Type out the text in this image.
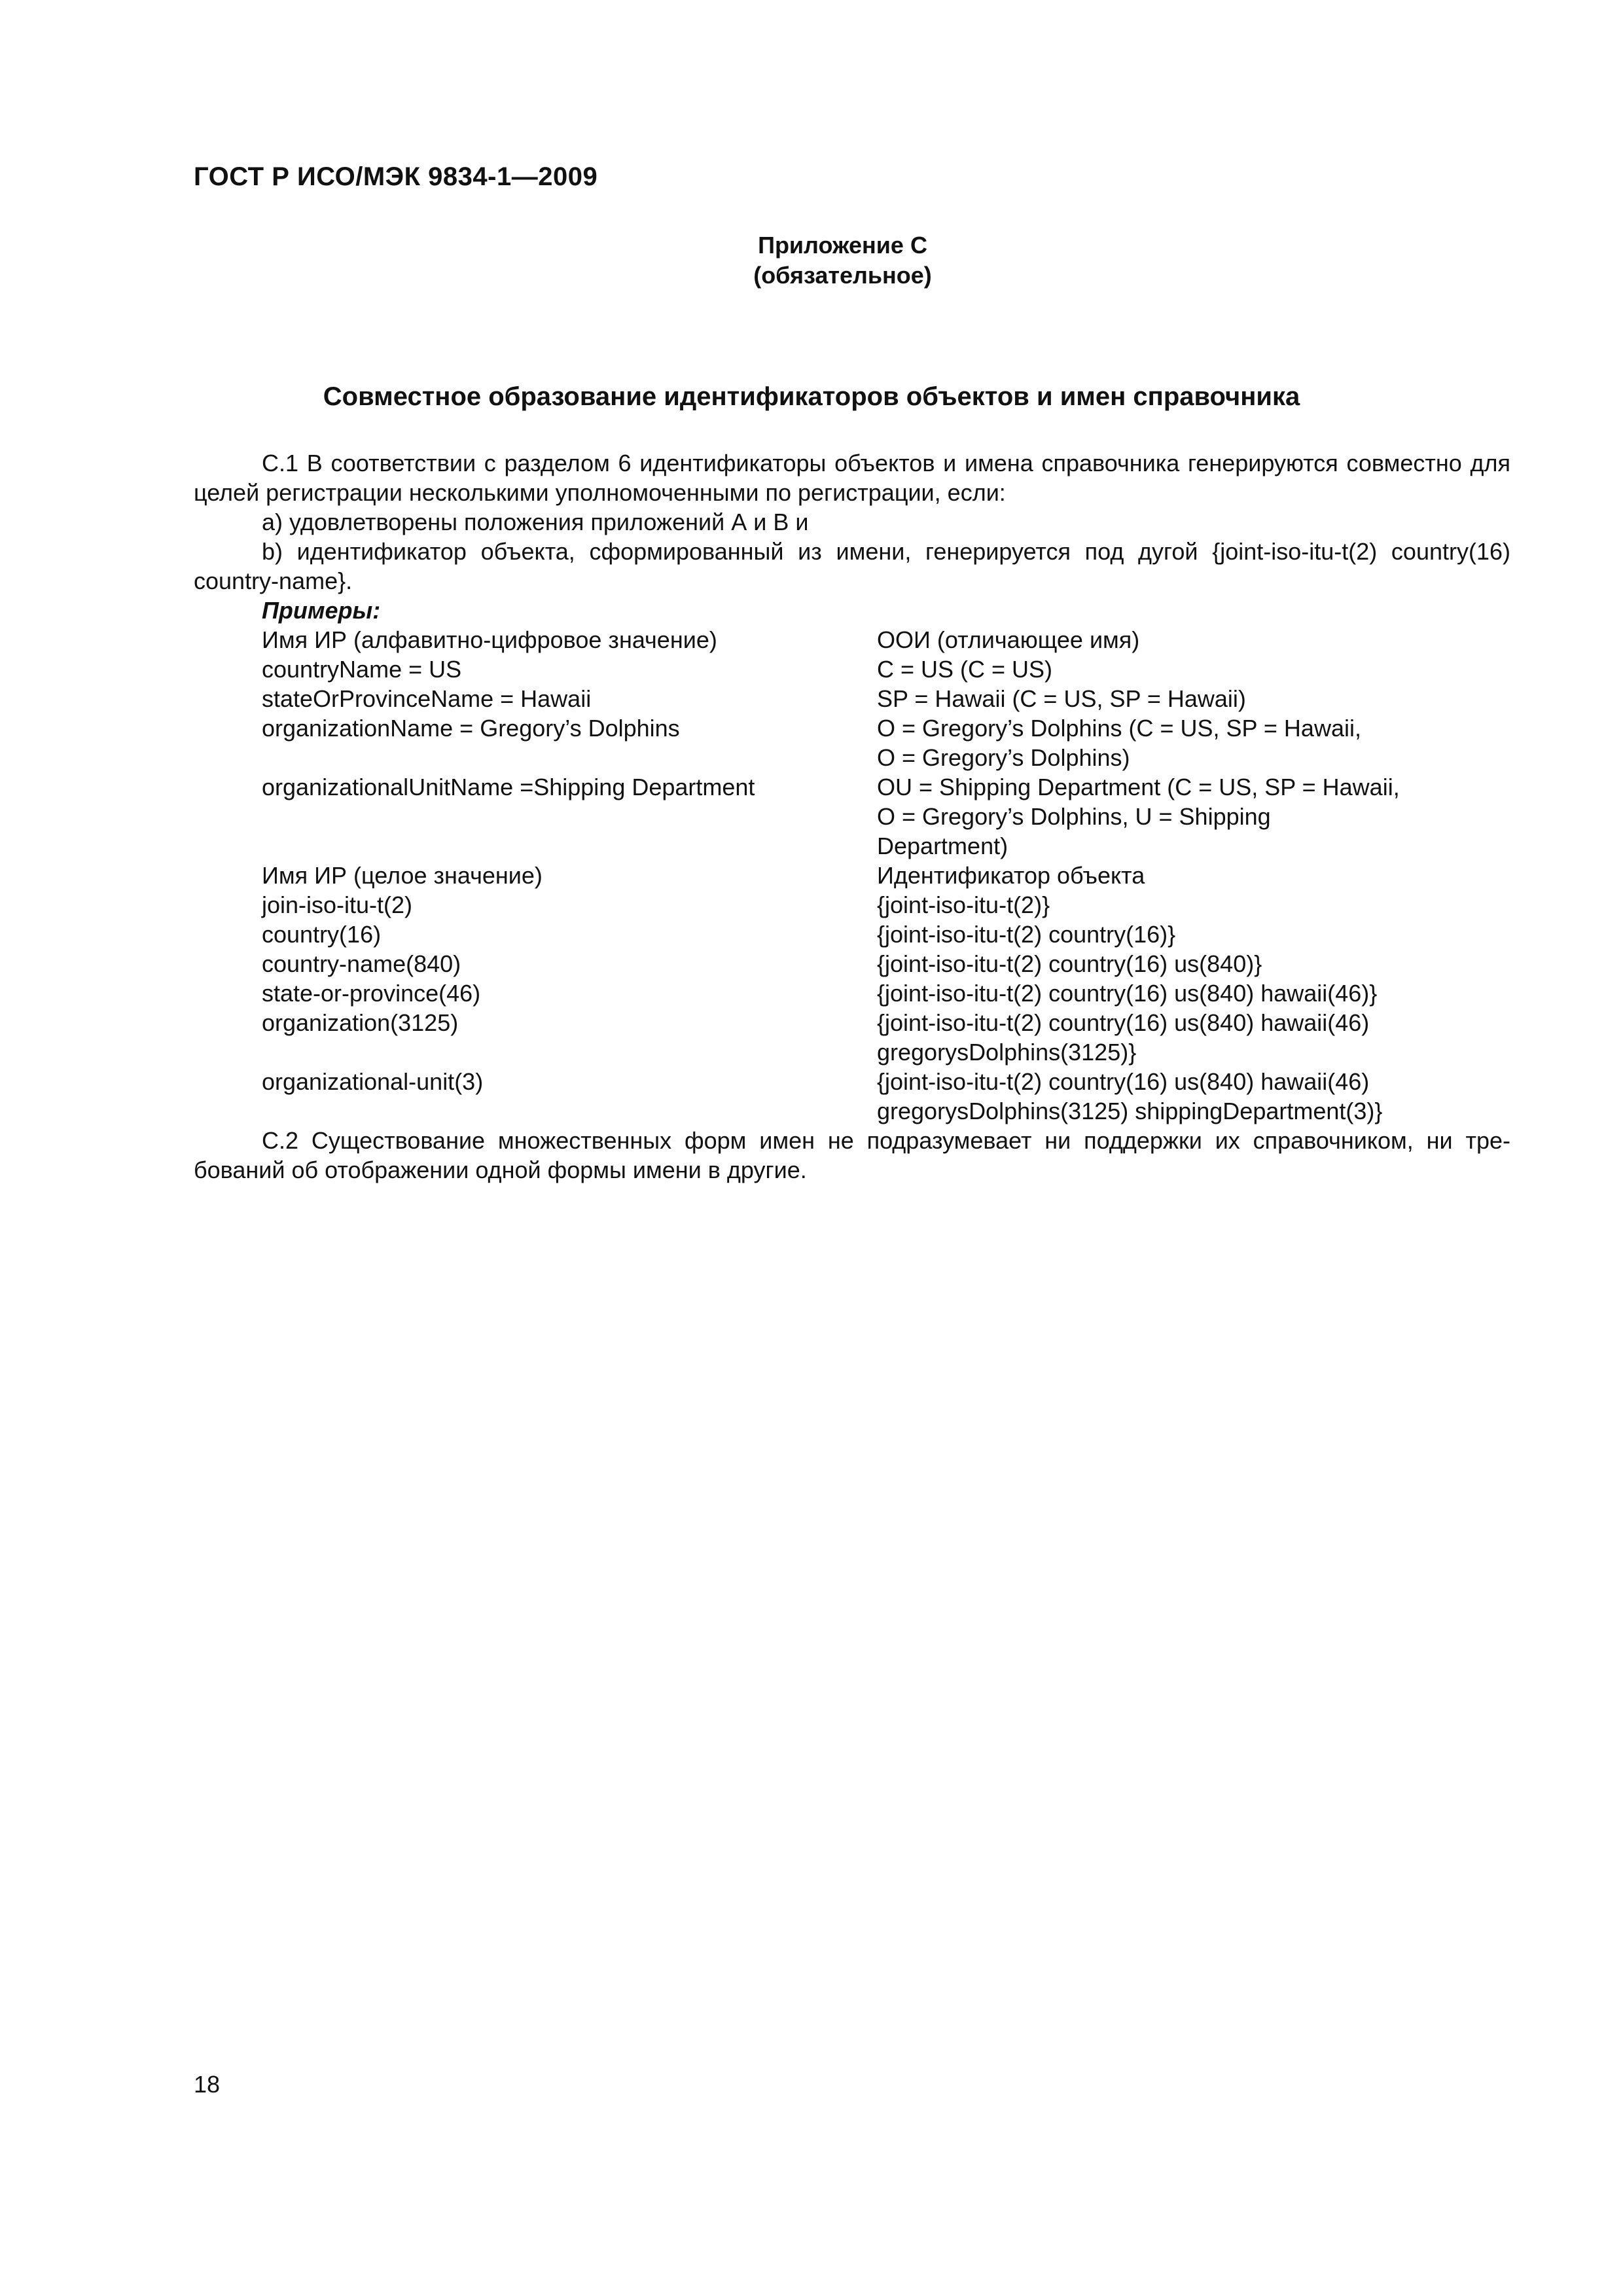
ГОСТ Р ИСО/МЭК 9834-1—2009
Приложение С
(обязательное)
Совместное образование идентификаторов объектов и имен справочника

С.1 В соответствии с разделом 6 идентификаторы объектов и имена справочника генерируются совместно для целей регистрации несколькими уполномоченными по регистрации, если:

а) удовлетворены положения приложений А и В и

b) идентификатор объекта, сформированный из имени, генерируется под дугой {joint-iso-itu-t(2) country(16) country-name}.

Примеры:

Имя ИР (алфавитно-цифровое значение)	ООИ (отличающее имя)
countryName = US	С = US (С = US)
stateOrProvinceName = Hawaii	SP = Hawaii (С = US, SP = Hawaii)
organizationName = Gregory’s Dolphins	О = Gregory’s Dolphins (С = US, SP = Hawaii,
О = Gregory’s Dolphins)
organizationalUnitName =Shipping Department	OU = Shipping Department (С = US, SP = Hawaii,
О = Gregory’s Dolphins, U = Shipping
Department)
Имя ИР (целое значение)	Идентификатор объекта
join-iso-itu-t(2)	{joint-iso-itu-t(2)}
country(16)	{joint-iso-itu-t(2) country(16)}
country-name(840)	{joint-iso-itu-t(2) country(16) us(840)}
state-or-province(46)	{joint-iso-itu-t(2) country(16) us(840) hawaii(46)}
organization(3125)	{joint-iso-itu-t(2) country(16) us(840) hawaii(46)
gregorysDolphins(3125)}
organizational-unit(3)	{joint-iso-itu-t(2) country(16) us(840) hawaii(46)
gregorysDolphins(3125) shippingDepartment(3)}

С.2 Существование множественных форм имен не подразумевает ни поддержки их справочником, ни тре-бований об отображении одной формы имени в другие.

18
